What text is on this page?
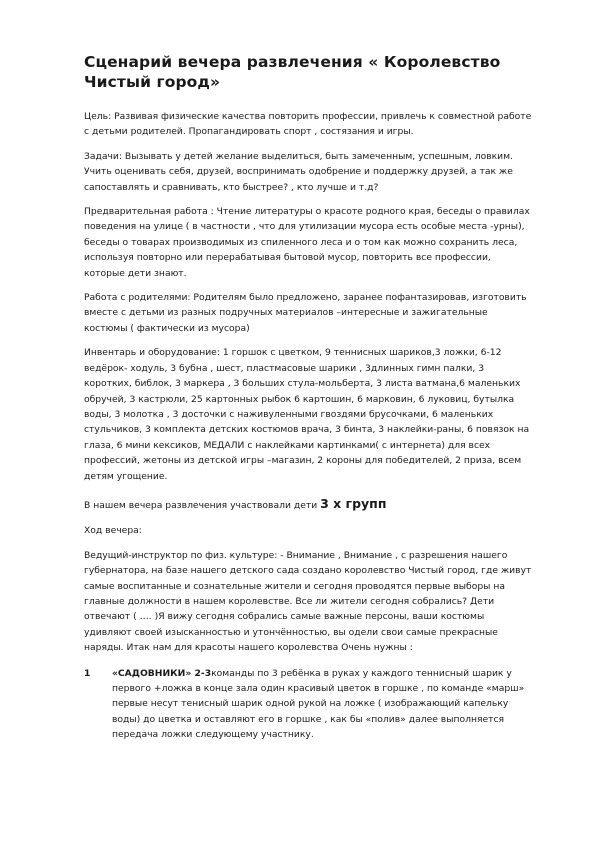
Сценарий вечера развлечения « Королевство Чистый город»

Цель: Развивая физические качества повторить профессии, привлечь к совместной работе с детьми родителей. Пропагандировать спорт , состязания и игры.

Задачи: Вызывать у детей желание выделиться, быть замеченным, успешным, ловким. Учить оценивать себя, друзей, воспринимать одобрение и поддержку друзей, а так же сапоставлять и сравнивать, кто быстрее? , кто лучше и т.д?

Предварительная работа : Чтение литературы о красоте родного края, беседы о правилах поведения на улице ( в частности , что для утилизации мусора есть особые места -урны), беседы о товарах производимых из спиленного леса и о том как можно сохранить леса, используя повторно или перерабатывая бытовой мусор, повторить все профессии, которые дети знают.

Работа с родителями: Родителям было предложено, заранее пофантазировав, изготовить вместе с детьми из разных подручных материалов –интересные и зажигательные костюмы ( фактически из мусора)

Инвентарь и оборудование: 1 горшок с цветком, 9 теннисных шариков,3 ложки, 6-12 ведёрок- ходуль, 3 бубна , шест, пластмасовые шарики , 3длинных гимн палки, 3 коротких, библок, 3 маркера , 3 больших стула-мольберта, 3 листа ватмана,6 маленьких обручей, 3 кастрюли, 25 картонных рыбок 6 картошин, 6 марковин, 6 луковиц, бутылка воды, 3 молотка , 3 досточки с наживуленными гвоздями брусочками, 6 маленьких стульчиков, 3 комплекта детских костюмов врача, 3 бинта, 3 наклейки-раны, 6 повязок на глаза, 6 мини кексиков, МЕДАЛИ с наклейками картинками( с интернета) для всех профессий, жетоны из детской игры –магазин, 2 короны для победителей, 2 приза, всем детям угощение.

В нашем вечера развлечения участвовали дети 3 х групп

Ход вечера:

Ведущий-инструктор по физ. культуре: - Внимание , Внимание , с разрешения нашего губернатора, на базе нашего детского сада создано королевство Чистый город, где живут самые воспитанные и сознательные жители и сегодня проводятся первые выборы на главные должности в нашем королевстве. Все ли жители сегодня собрались? Дети отвечают ( …. )Я вижу сегодня собрались самые важные персоны, ваши костюмы удивляют своей изысканностью и утончённостью, вы одели свои самые прекрасные наряды. Итак нам для красоты нашего королевства Очень нужны :

1	«САДОВНИКИ» 2-3команды по 3 ребёнка в руках у каждого теннисный шарик у первого +ложка в конце зала один красивый цветок в горшке , по команде «марш» первые несут тенисный шарик одной рукой на ложке ( изображающий капельку воды) до цветка и оставляют его в горшке , как бы «полив» далее выполняется передача ложки следующему участнику.
